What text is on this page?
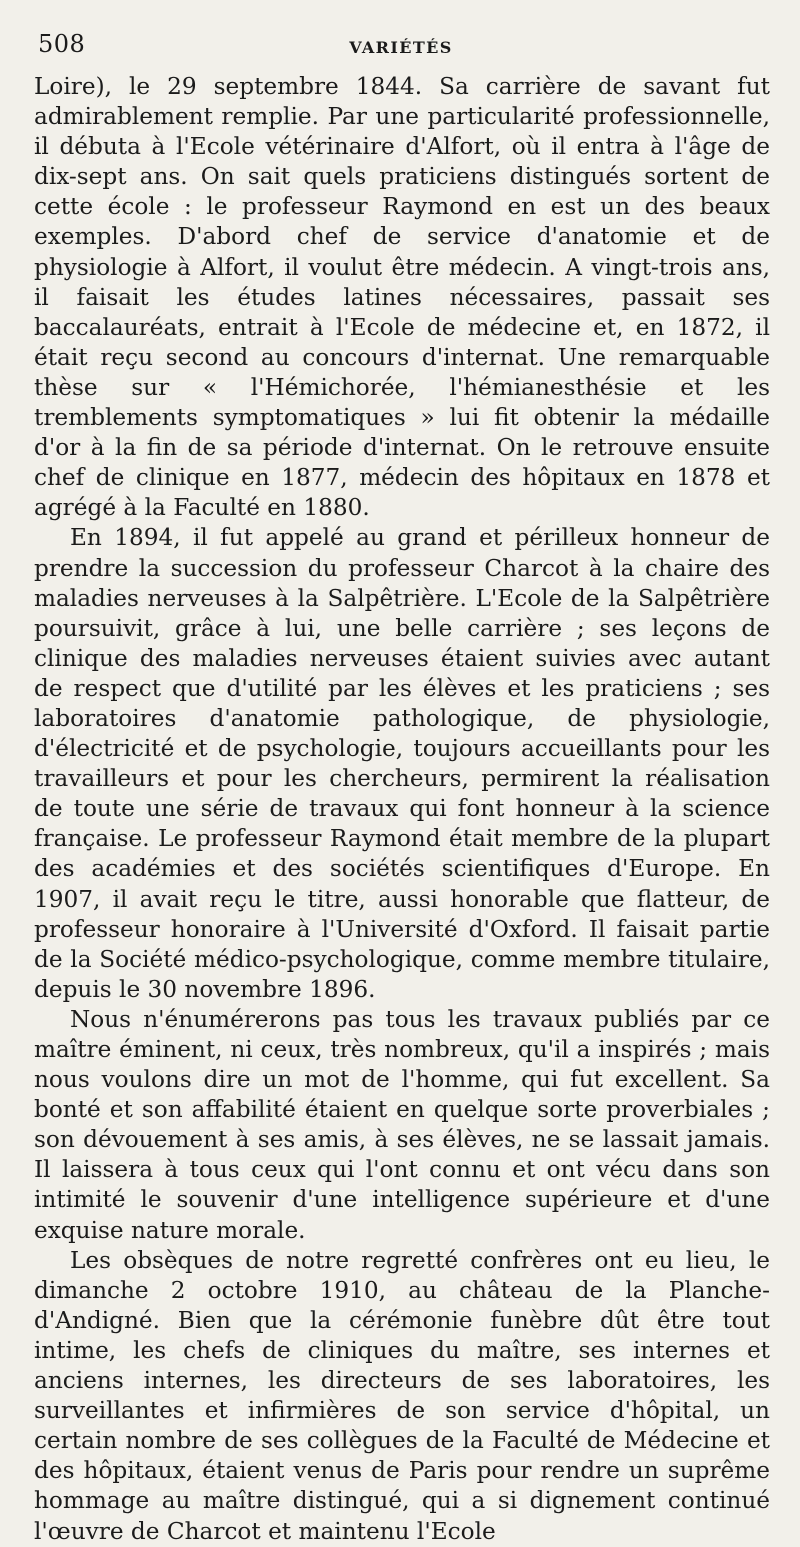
508	VARIÉTÉS

Loire), le 29 septembre 1844. Sa carrière de savant fut admirablement remplie. Par une particularité professionnelle, il débuta à l'Ecole vétérinaire d'Alfort, où il entra à l'âge de dix-sept ans. On sait quels praticiens distingués sortent de cette école : le professeur Raymond en est un des beaux exemples. D'abord chef de service d'anatomie et de physiologie à Alfort, il voulut être médecin. A vingt-trois ans, il faisait les études latines nécessaires, passait ses baccalauréats, entrait à l'Ecole de médecine et, en 1872, il était reçu second au concours d'internat. Une remarquable thèse sur « l'Hémichorée, l'hémianesthésie et les tremblements symptomatiques » lui fit obtenir la médaille d'or à la fin de sa période d'internat. On le retrouve ensuite chef de clinique en 1877, médecin des hôpitaux en 1878 et agrégé à la Faculté en 1880.

En 1894, il fut appelé au grand et périlleux honneur de prendre la succession du professeur Charcot à la chaire des maladies nerveuses à la Salpêtrière. L'Ecole de la Salpêtrière poursuivit, grâce à lui, une belle carrière ; ses leçons de clinique des maladies nerveuses étaient suivies avec autant de respect que d'utilité par les élèves et les praticiens ; ses laboratoires d'anatomie pathologique, de physiologie, d'électricité et de psychologie, toujours accueillants pour les travailleurs et pour les chercheurs, permirent la réalisation de toute une série de travaux qui font honneur à la science française. Le professeur Raymond était membre de la plupart des académies et des sociétés scientifiques d'Europe. En 1907, il avait reçu le titre, aussi honorable que flatteur, de professeur honoraire à l'Université d'Oxford. Il faisait partie de la Société médico-psychologique, comme membre titulaire, depuis le 30 novembre 1896.

Nous n'énumérerons pas tous les travaux publiés par ce maître éminent, ni ceux, très nombreux, qu'il a inspirés ; mais nous voulons dire un mot de l'homme, qui fut excellent. Sa bonté et son affabilité étaient en quelque sorte proverbiales ; son dévouement à ses amis, à ses élèves, ne se lassait jamais. Il laissera à tous ceux qui l'ont connu et ont vécu dans son intimité le souvenir d'une intelligence supérieure et d'une exquise nature morale.

Les obsèques de notre regretté confrères ont eu lieu, le dimanche 2 octobre 1910, au château de la Planche-d'Andigné. Bien que la cérémonie funèbre dût être tout intime, les chefs de cliniques du maître, ses internes et anciens internes, les directeurs de ses laboratoires, les surveillantes et infirmières de son service d'hôpital, un certain nombre de ses collègues de la Faculté de Médecine et des hôpitaux, étaient venus de Paris pour rendre un suprême hommage au maître distingué, qui a si dignement continué l'œuvre de Charcot et maintenu l'Ecole
